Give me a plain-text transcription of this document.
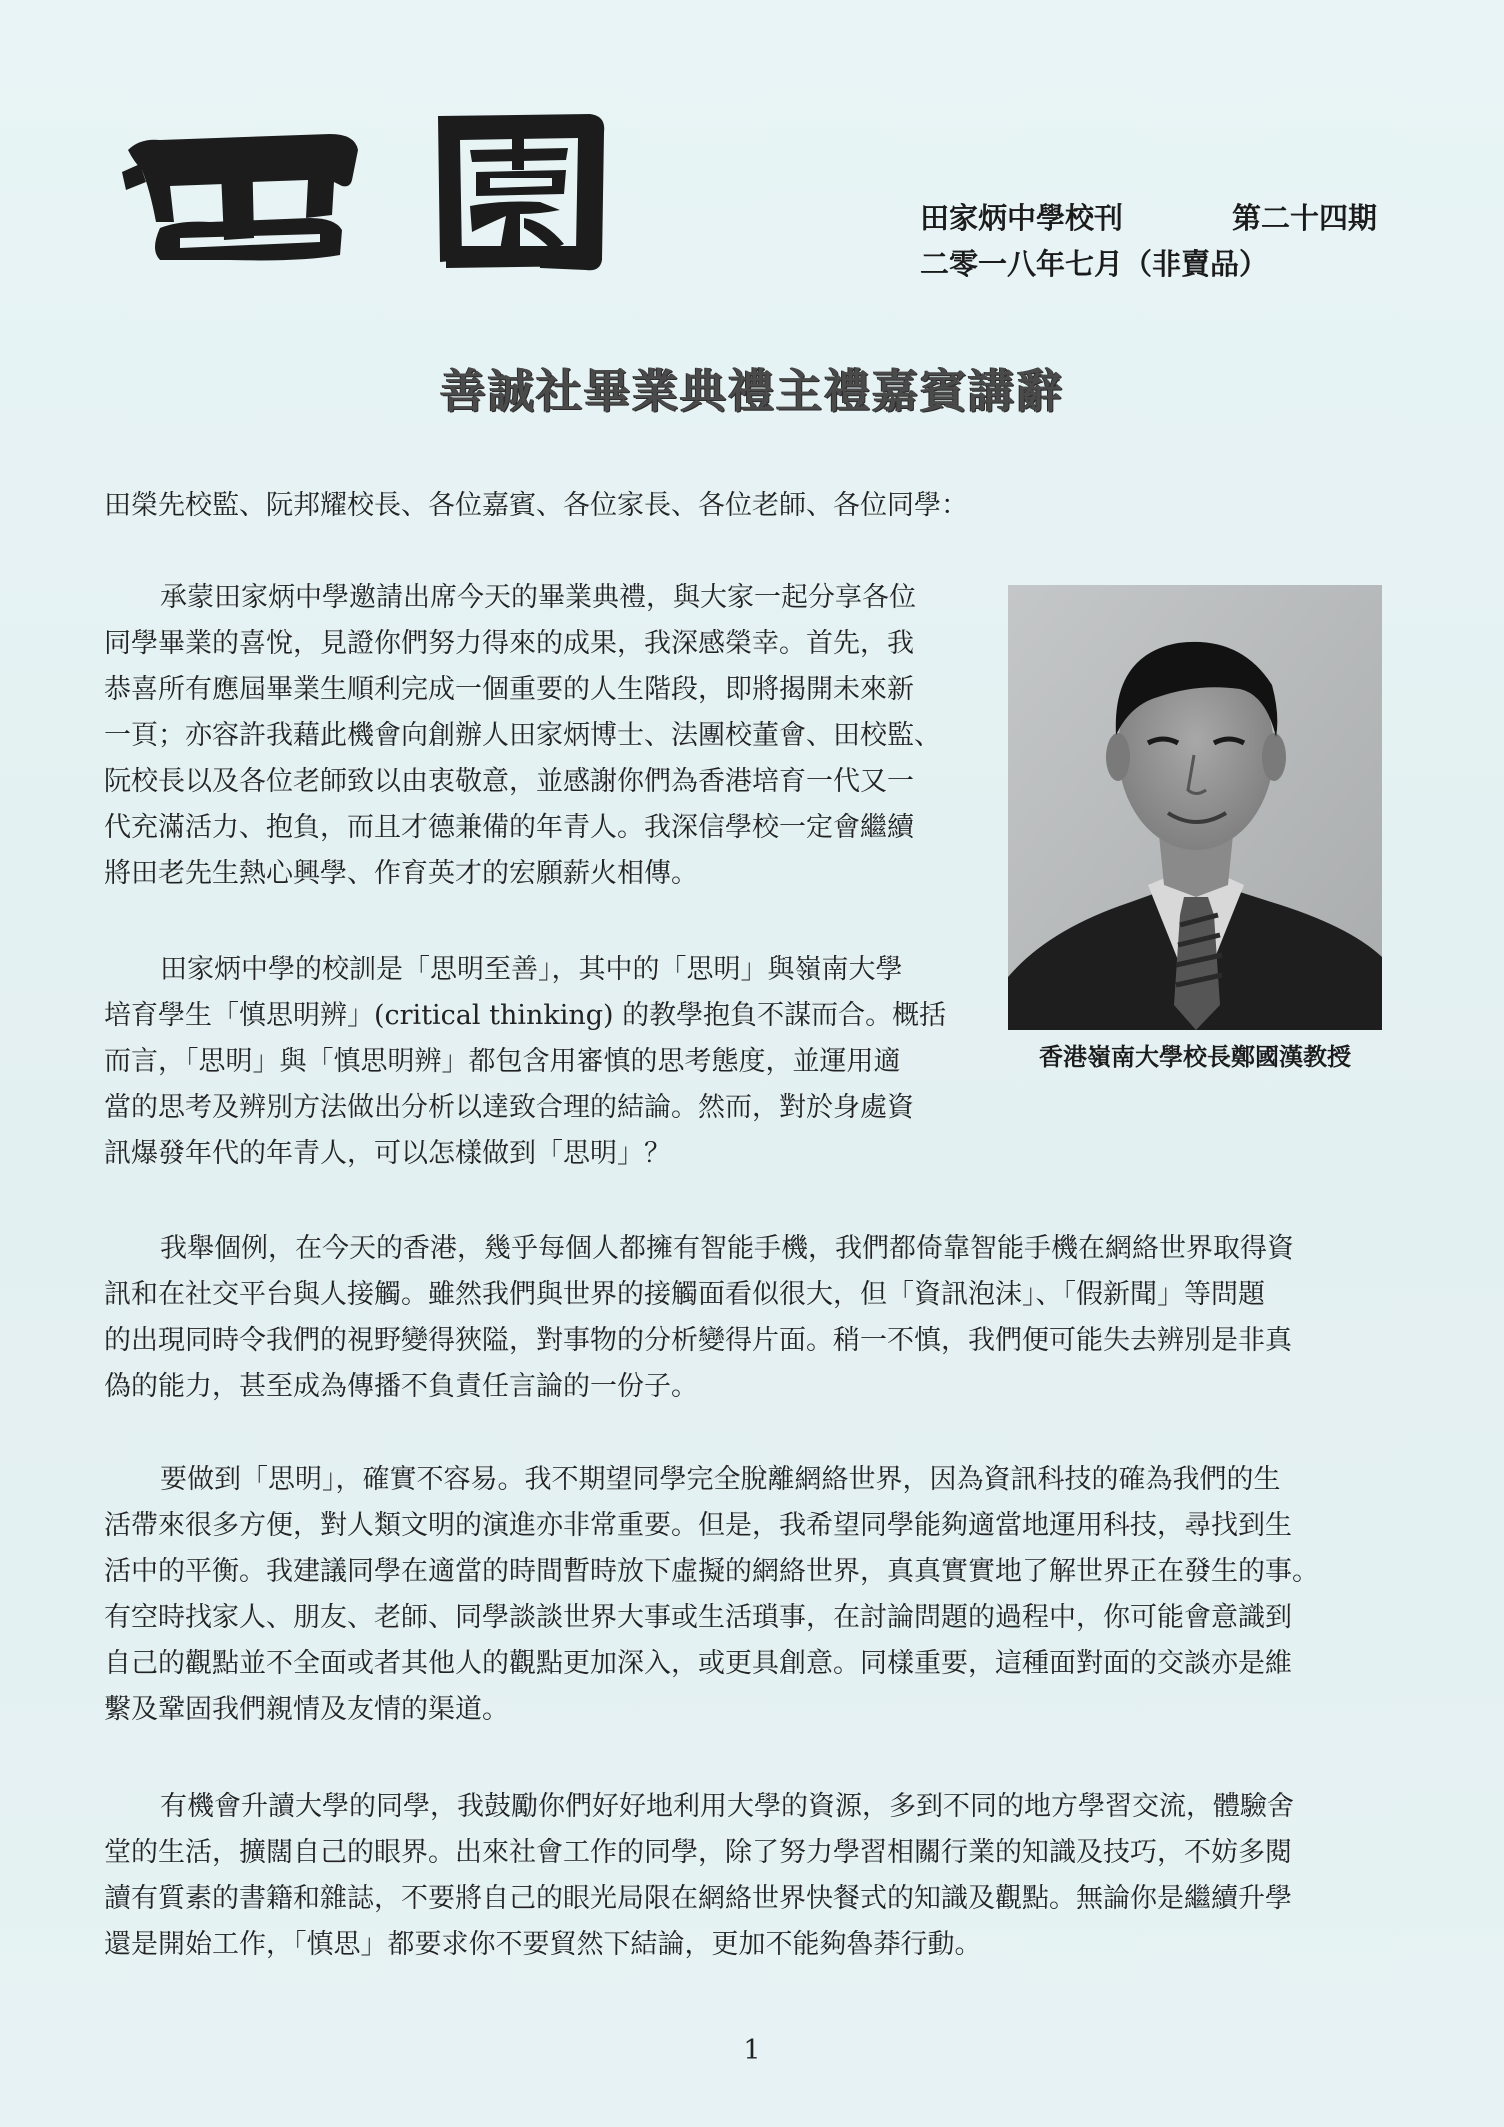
田家炳中學校刊	第二十四期
二零一八年七月（非賣品）
善誠社畢業典禮主禮嘉賓講辭
田榮先校監、阮邦耀校長、各位嘉賓、各位家長、各位老師、各位同學：
承蒙田家炳中學邀請出席今天的畢業典禮，與大家一起分享各位
同學畢業的喜悅，見證你們努力得來的成果，我深感榮幸。首先，我
恭喜所有應屆畢業生順利完成一個重要的人生階段，即將揭開未來新
一頁；亦容許我藉此機會向創辦人田家炳博士、法團校董會、田校監、
阮校長以及各位老師致以由衷敬意，並感謝你們為香港培育一代又一
代充滿活力、抱負，而且才德兼備的年青人。我深信學校一定會繼續
將田老先生熱心興學、作育英才的宏願薪火相傳。
田家炳中學的校訓是「思明至善」，其中的「思明」與嶺南大學
培育學生「慎思明辨」(critical thinking) 的教學抱負不謀而合。概括
而言，「思明」與「慎思明辨」都包含用審慎的思考態度，並運用適
當的思考及辨別方法做出分析以達致合理的結論。然而，對於身處資
訊爆發年代的年青人，可以怎樣做到「思明」？
香港嶺南大學校長鄭國漢教授
我舉個例，在今天的香港，幾乎每個人都擁有智能手機，我們都倚靠智能手機在網絡世界取得資
訊和在社交平台與人接觸。雖然我們與世界的接觸面看似很大，但「資訊泡沫」、「假新聞」等問題
的出現同時令我們的視野變得狹隘，對事物的分析變得片面。稍一不慎，我們便可能失去辨別是非真
偽的能力，甚至成為傳播不負責任言論的一份子。
要做到「思明」，確實不容易。我不期望同學完全脫離網絡世界，因為資訊科技的確為我們的生
活帶來很多方便，對人類文明的演進亦非常重要。但是，我希望同學能夠適當地運用科技，尋找到生
活中的平衡。我建議同學在適當的時間暫時放下虛擬的網絡世界，真真實實地了解世界正在發生的事。
有空時找家人、朋友、老師、同學談談世界大事或生活瑣事，在討論問題的過程中，你可能會意識到
自己的觀點並不全面或者其他人的觀點更加深入，或更具創意。同樣重要，這種面對面的交談亦是維
繫及鞏固我們親情及友情的渠道。
有機會升讀大學的同學，我鼓勵你們好好地利用大學的資源，多到不同的地方學習交流，體驗舍
堂的生活，擴闊自己的眼界。出來社會工作的同學，除了努力學習相關行業的知識及技巧，不妨多閱
讀有質素的書籍和雜誌，不要將自己的眼光局限在網絡世界快餐式的知識及觀點。無論你是繼續升學
還是開始工作，「慎思」都要求你不要貿然下結論，更加不能夠魯莽行動。
1
